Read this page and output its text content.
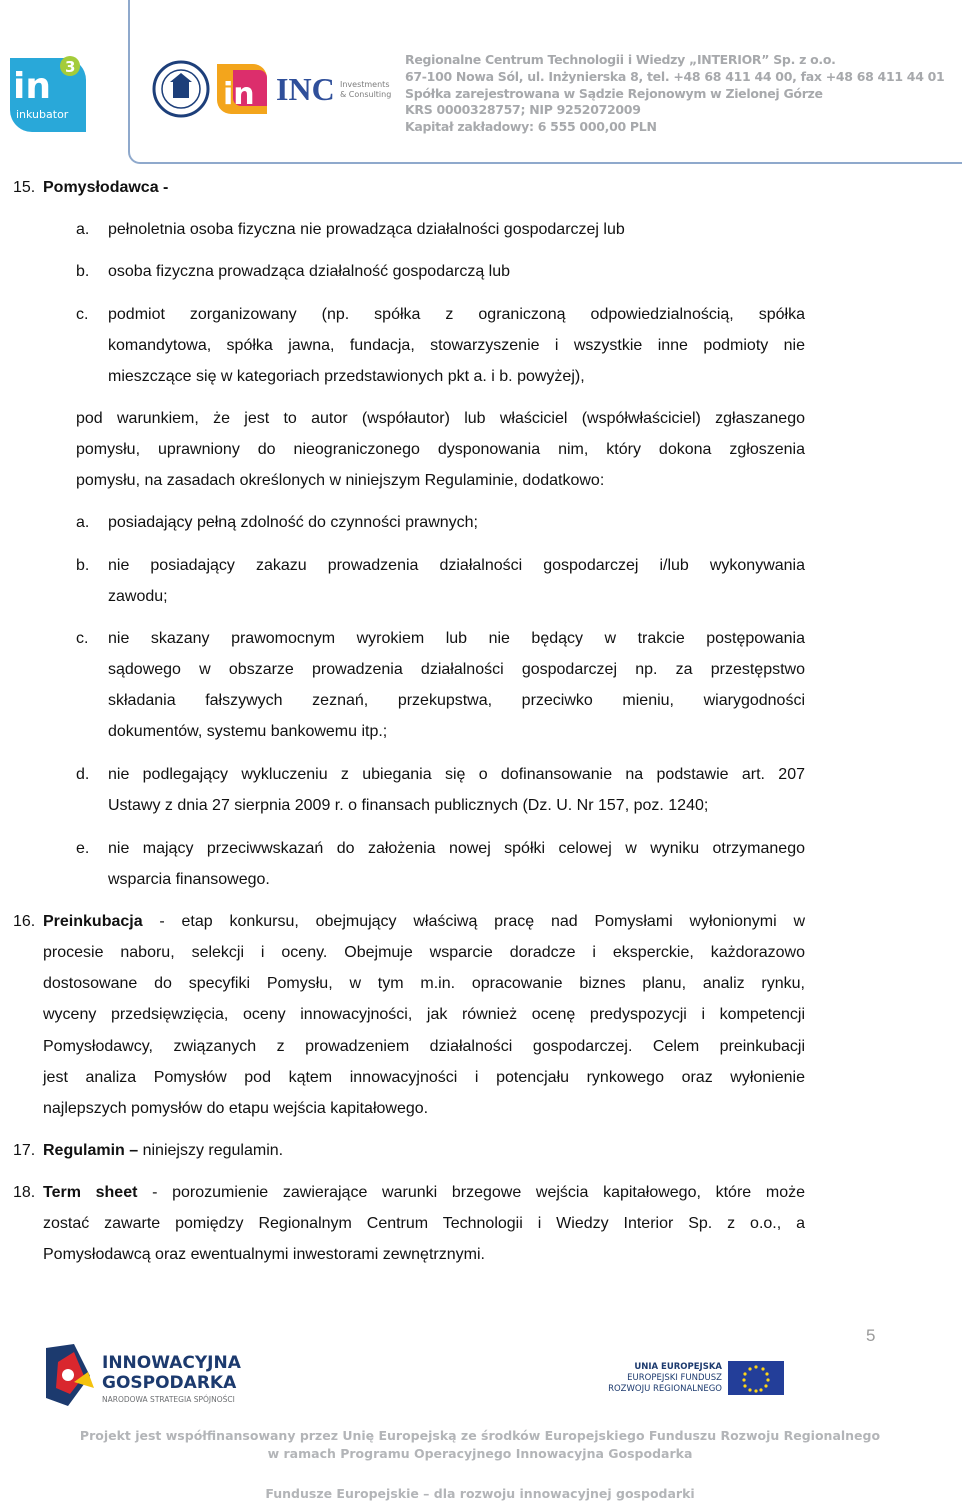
in 3
inkubator
in INC Investments
& Consulting
Regionalne Centrum Technologii i Wiedzy „INTERIOR” Sp. z o.o.
67-100 Nowa Sól, ul. Inżynierska 8, tel. +48 68 411 44 00, fax +48 68 411 44 01
Spółka zarejestrowana w Sądzie Rejonowym w Zielonej Górze
KRS 0000328757; NIP 9252072009
Kapitał zakładowy: 6 555 000,00 PLN
15. Pomysłodawca -
a. pełnoletnia osoba fizyczna nie prowadząca działalności gospodarczej lub
b. osoba fizyczna prowadząca działalność gospodarczą lub
c. podmiot zorganizowany (np. spółka z ograniczoną odpowiedzialnością, spółka
komandytowa, spółka jawna, fundacja, stowarzyszenie i wszystkie inne podmioty nie
mieszczące się w kategoriach przedstawionych pkt a. i b. powyżej),
pod warunkiem, że jest to autor (współautor) lub właściciel (współwłaściciel) zgłaszanego
pomysłu, uprawniony do nieograniczonego dysponowania nim, który dokona zgłoszenia
pomysłu, na zasadach określonych w niniejszym Regulaminie, dodatkowo:
a. posiadający pełną zdolność do czynności prawnych;
b. nie posiadający zakazu prowadzenia działalności gospodarczej i/lub wykonywania
zawodu;
c. nie skazany prawomocnym wyrokiem lub nie będący w trakcie postępowania
sądowego w obszarze prowadzenia działalności gospodarczej np. za przestępstwo
składania fałszywych zeznań, przekupstwa, przeciwko mieniu, wiarygodności
dokumentów, systemu bankowemu itp.;
d. nie podlegający wykluczeniu z ubiegania się o dofinansowanie na podstawie art. 207
Ustawy z dnia 27 sierpnia 2009 r. o finansach publicznych (Dz. U. Nr 157, poz. 1240;
e. nie mający przeciwwskazań do założenia nowej spółki celowej w wyniku otrzymanego
wsparcia finansowego.
16. Preinkubacja - etap konkursu, obejmujący właściwą pracę nad Pomysłami wyłonionymi w
procesie naboru, selekcji i oceny. Obejmuje wsparcie doradcze i eksperckie, każdorazowo
dostosowane do specyfiki Pomysłu, w tym m.in. opracowanie biznes planu, analiz rynku,
wyceny przedsięwzięcia, oceny innowacyjności, jak również ocenę predyspozycji i kompetencji
Pomysłodawcy, związanych z prowadzeniem działalności gospodarczej. Celem preinkubacji
jest analiza Pomysłów pod kątem innowacyjności i potencjału rynkowego oraz wyłonienie
najlepszych pomysłów do etapu wejścia kapitałowego.
17. Regulamin – niniejszy regulamin.
18. Term sheet - porozumienie zawierające warunki brzegowe wejścia kapitałowego, które może
zostać zawarte pomiędzy Regionalnym Centrum Technologii i Wiedzy Interior Sp. z o.o., a
Pomysłodawcą oraz ewentualnymi inwestorami zewnętrznymi.
5
INNOWACYJNA
GOSPODARKA
NARODOWA STRATEGIA SPÓJNOŚCI
UNIA EUROPEJSKA
EUROPEJSKI FUNDUSZ
ROZWOJU REGIONALNEGO
Projekt jest współfinansowany przez Unię Europejską ze środków Europejskiego Funduszu Rozwoju Regionalnego
w ramach Programu Operacyjnego Innowacyjna Gospodarka
Fundusze Europejskie – dla rozwoju innowacyjnej gospodarki
